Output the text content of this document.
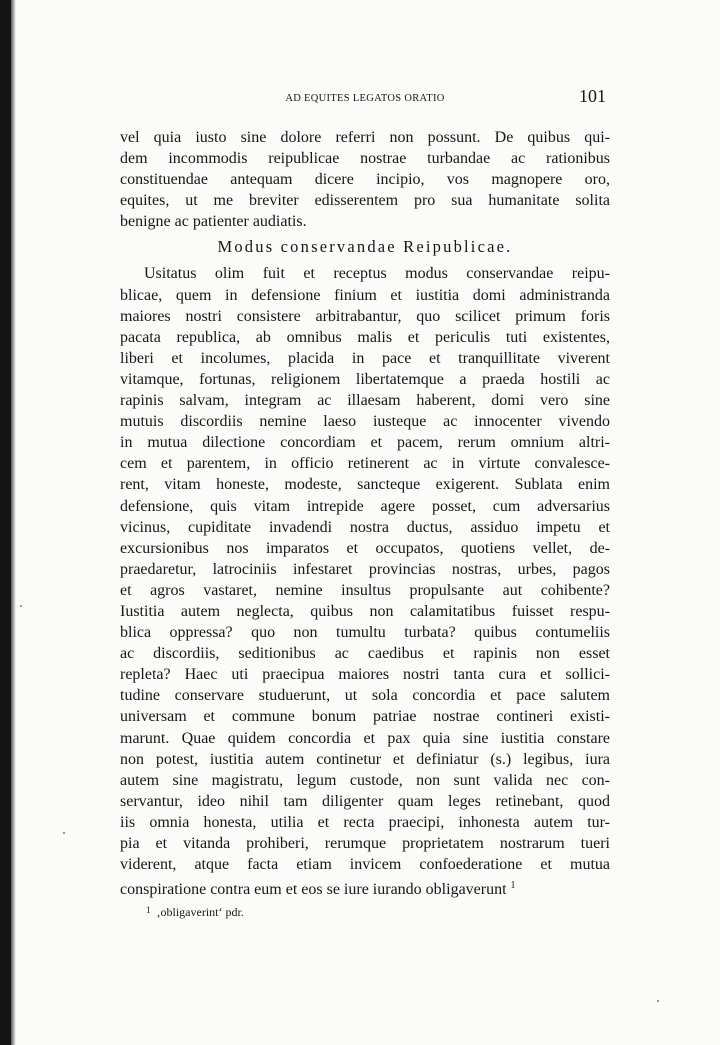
AD EQUITES LEGATOS ORATIO	101
vel quia iusto sine dolore referri non possunt. De quibus qui-
dem incommodis reipublicae nostrae turbandae ac rationibus
constituendae antequam dicere incipio, vos magnopere oro,
equites, ut me breviter edisserentem pro sua humanitate solita
benigne ac patienter audiatis.
Modus conservandae Reipublicae.
Usitatus olim fuit et receptus modus conservandae reipu-
blicae, quem in defensione finium et iustitia domi administranda
maiores nostri consistere arbitrabantur, quo scilicet primum foris
pacata republica, ab omnibus malis et periculis tuti existentes,
liberi et incolumes, placida in pace et tranquillitate viverent
vitamque, fortunas, religionem libertatemque a praeda hostili ac
rapinis salvam, integram ac illaesam haberent, domi vero sine
mutuis discordiis nemine laeso iusteque ac innocenter vivendo
in mutua dilectione concordiam et pacem, rerum omnium altri-
cem et parentem, in officio retinerent ac in virtute convalesce-
rent, vitam honeste, modeste, sancteque exigerent. Sublata enim
defensione, quis vitam intrepide agere posset, cum adversarius
vicinus, cupiditate invadendi nostra ductus, assiduo impetu et
excursionibus nos imparatos et occupatos, quotiens vellet, de-
praedaretur, latrociniis infestaret provincias nostras, urbes, pagos
et agros vastaret, nemine insultus propulsante aut cohibente?
Iustitia autem neglecta, quibus non calamitatibus fuisset respu-
blica oppressa? quo non tumultu turbata? quibus contumeliis
ac discordiis, seditionibus ac caedibus et rapinis non esset
repleta? Haec uti praecipua maiores nostri tanta cura et sollici-
tudine conservare studuerunt, ut sola concordia et pace salutem
universam et commune bonum patriae nostrae contineri existi-
marunt. Quae quidem concordia et pax quia sine iustitia constare
non potest, iustitia autem continetur et definiatur (s.) legibus, iura
autem sine magistratu, legum custode, non sunt valida nec con-
servantur, ideo nihil tam diligenter quam leges retinebant, quod
iis omnia honesta, utilia et recta praecipi, inhonesta autem tur-
pia et vitanda prohiberi, rerumque proprietatem nostrarum tueri
viderent, atque facta etiam invicem confoederatione et mutua
conspiratione contra eum et eos se iure iurando obligaverunt $^1$
$^1$ ‚obligaverint‘ pdr.
